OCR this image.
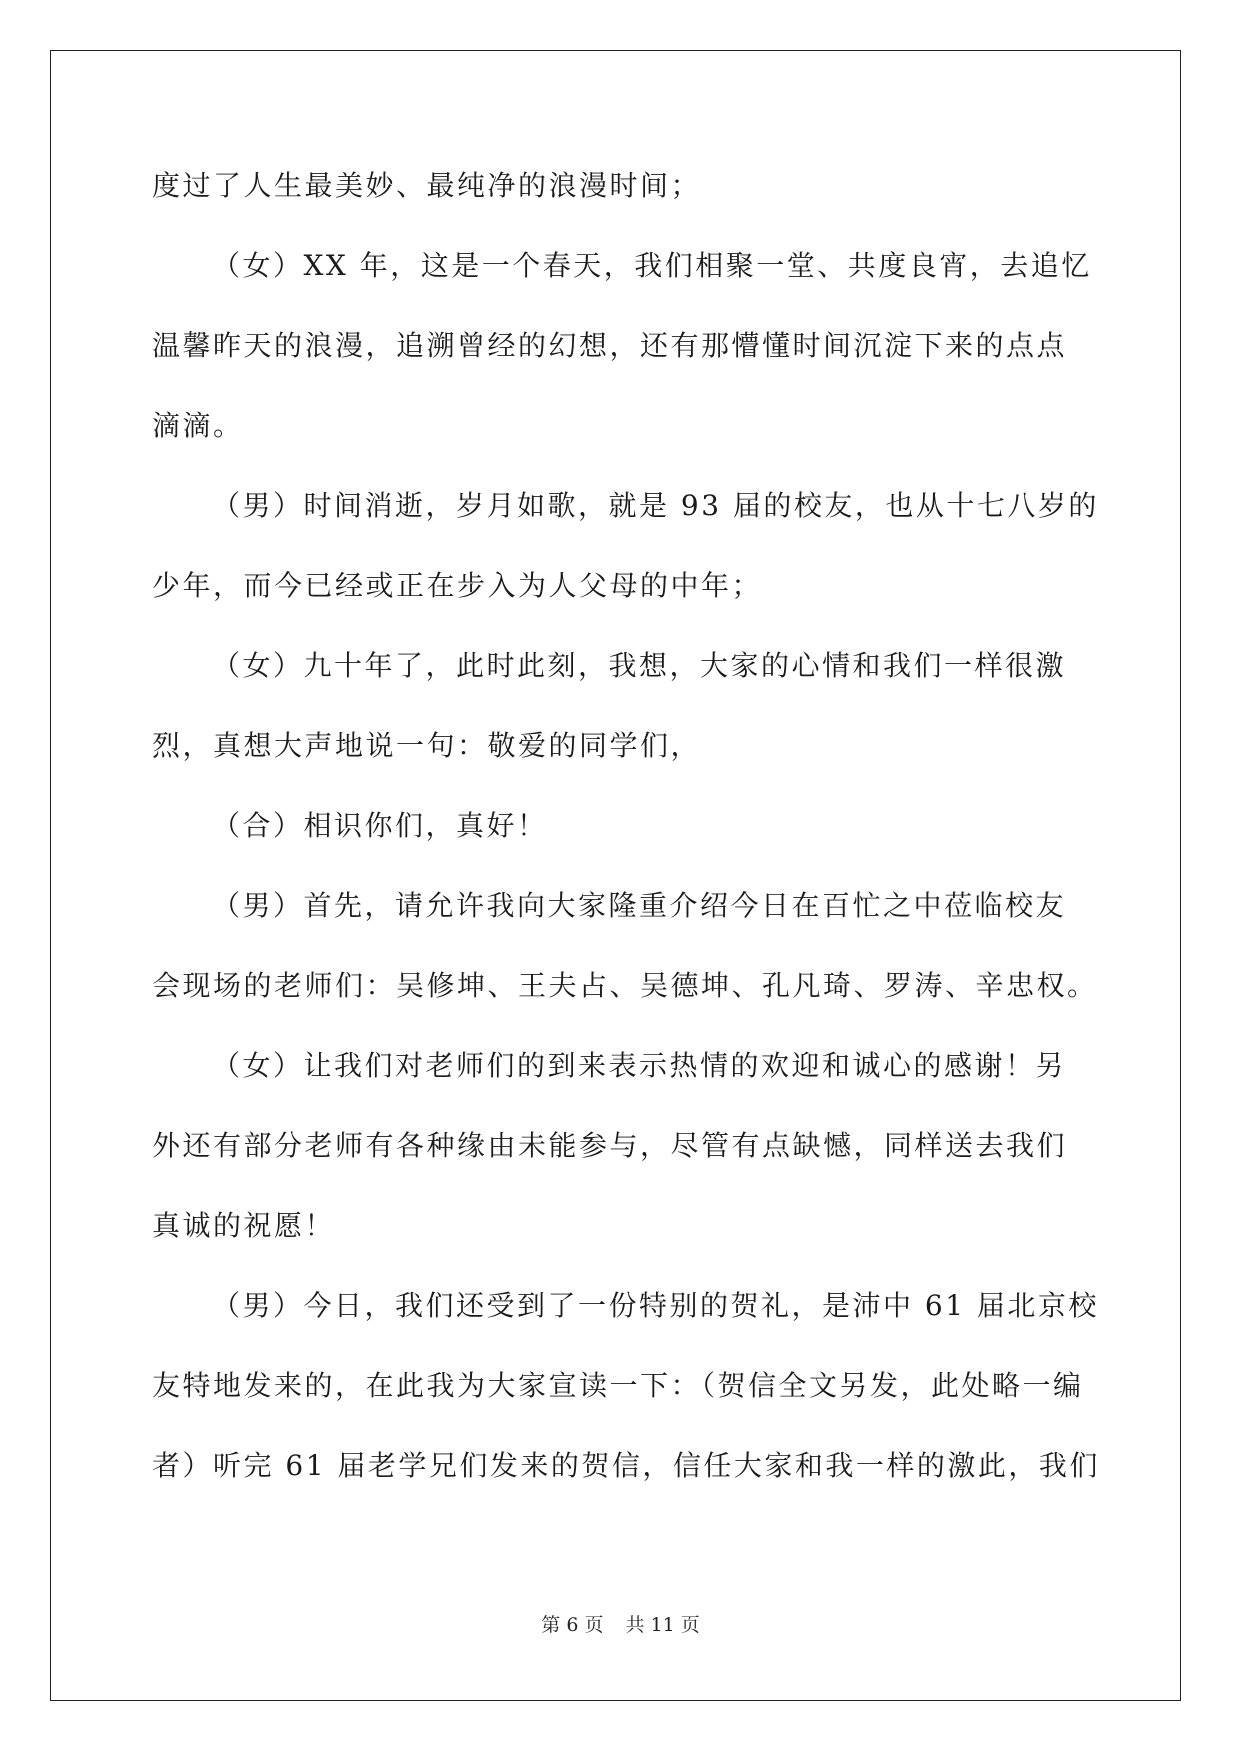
度过了人生最美妙、最纯净的浪漫时间；
（女）XX 年，这是一个春天，我们相聚一堂、共度良宵，去追忆
温馨昨天的浪漫，追溯曾经的幻想，还有那懵懂时间沉淀下来的点点
滴滴。
（男）时间消逝，岁月如歌，就是 93 届的校友，也从十七八岁的
少年，而今已经或正在步入为人父母的中年；
（女）九十年了，此时此刻，我想，大家的心情和我们一样很激
烈，真想大声地说一句：敬爱的同学们，
（合）相识你们，真好！
（男）首先，请允许我向大家隆重介绍今日在百忙之中莅临校友
会现场的老师们：吴修坤、王夫占、吴德坤、孔凡琦、罗涛、辛忠权。
（女）让我们对老师们的到来表示热情的欢迎和诚心的感谢！另
外还有部分老师有各种缘由未能参与，尽管有点缺憾，同样送去我们
真诚的祝愿！
（男）今日，我们还受到了一份特别的贺礼，是沛中 61 届北京校
友特地发来的，在此我为大家宣读一下：（贺信全文另发，此处略一编
者）听完 61 届老学兄们发来的贺信，信任大家和我一样的激此，我们
第 6 页 共 11 页
